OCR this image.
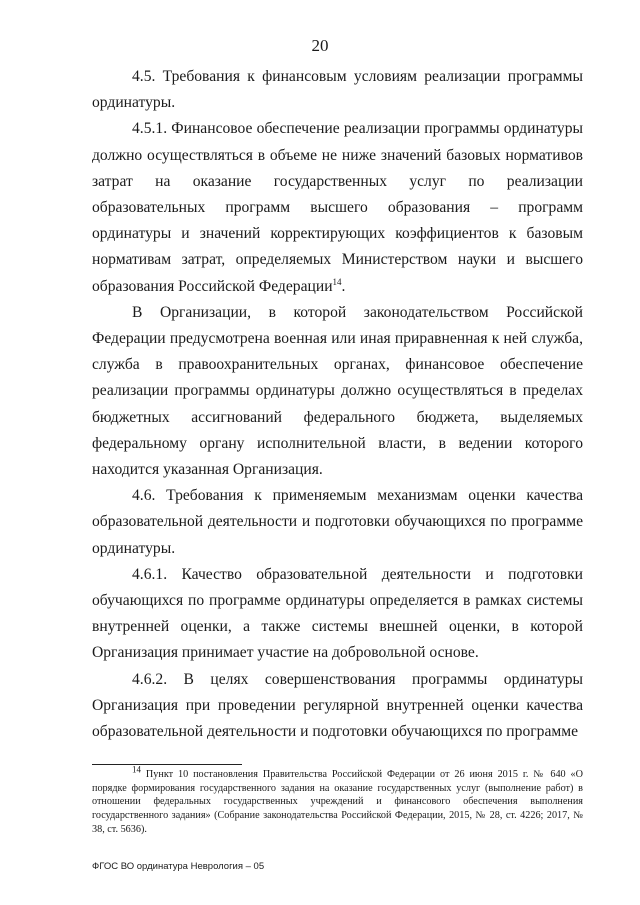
20

4.5. Требования к финансовым условиям реализации программы ординатуры.

4.5.1. Финансовое обеспечение реализации программы ординатуры должно осуществляться в объеме не ниже значений базовых нормативов затрат на оказание государственных услуг по реализации образовательных программ высшего образования – программ ординатуры и значений корректирующих коэффициентов к базовым нормативам затрат, определяемых Министерством науки и высшего образования Российской Федерации$^{14}$.

В Организации, в которой законодательством Российской Федерации предусмотрена военная или иная приравненная к ней служба, служба в правоохранительных органах, финансовое обеспечение реализации программы ординатуры должно осуществляться в пределах бюджетных ассигнований федерального бюджета, выделяемых федеральному органу исполнительной власти, в ведении которого находится указанная Организация.

4.6. Требования к применяемым механизмам оценки качества образовательной деятельности и подготовки обучающихся по программе ординатуры.

4.6.1. Качество образовательной деятельности и подготовки обучающихся по программе ординатуры определяется в рамках системы внутренней оценки, а также системы внешней оценки, в которой Организация принимает участие на добровольной основе.

4.6.2. В целях совершенствования программы ординатуры Организация при проведении регулярной внутренней оценки качества образовательной деятельности и подготовки обучающихся по программе

$^{14}$ Пункт 10 постановления Правительства Российской Федерации от 26 июня 2015 г. № 640 «О порядке формирования государственного задания на оказание государственных услуг (выполнение работ) в отношении федеральных государственных учреждений и финансового обеспечения выполнения государственного задания» (Собрание законодательства Российской Федерации, 2015, № 28, ст. 4226; 2017, № 38, ст. 5636).

ФГОС ВО ординатура Неврология – 05
